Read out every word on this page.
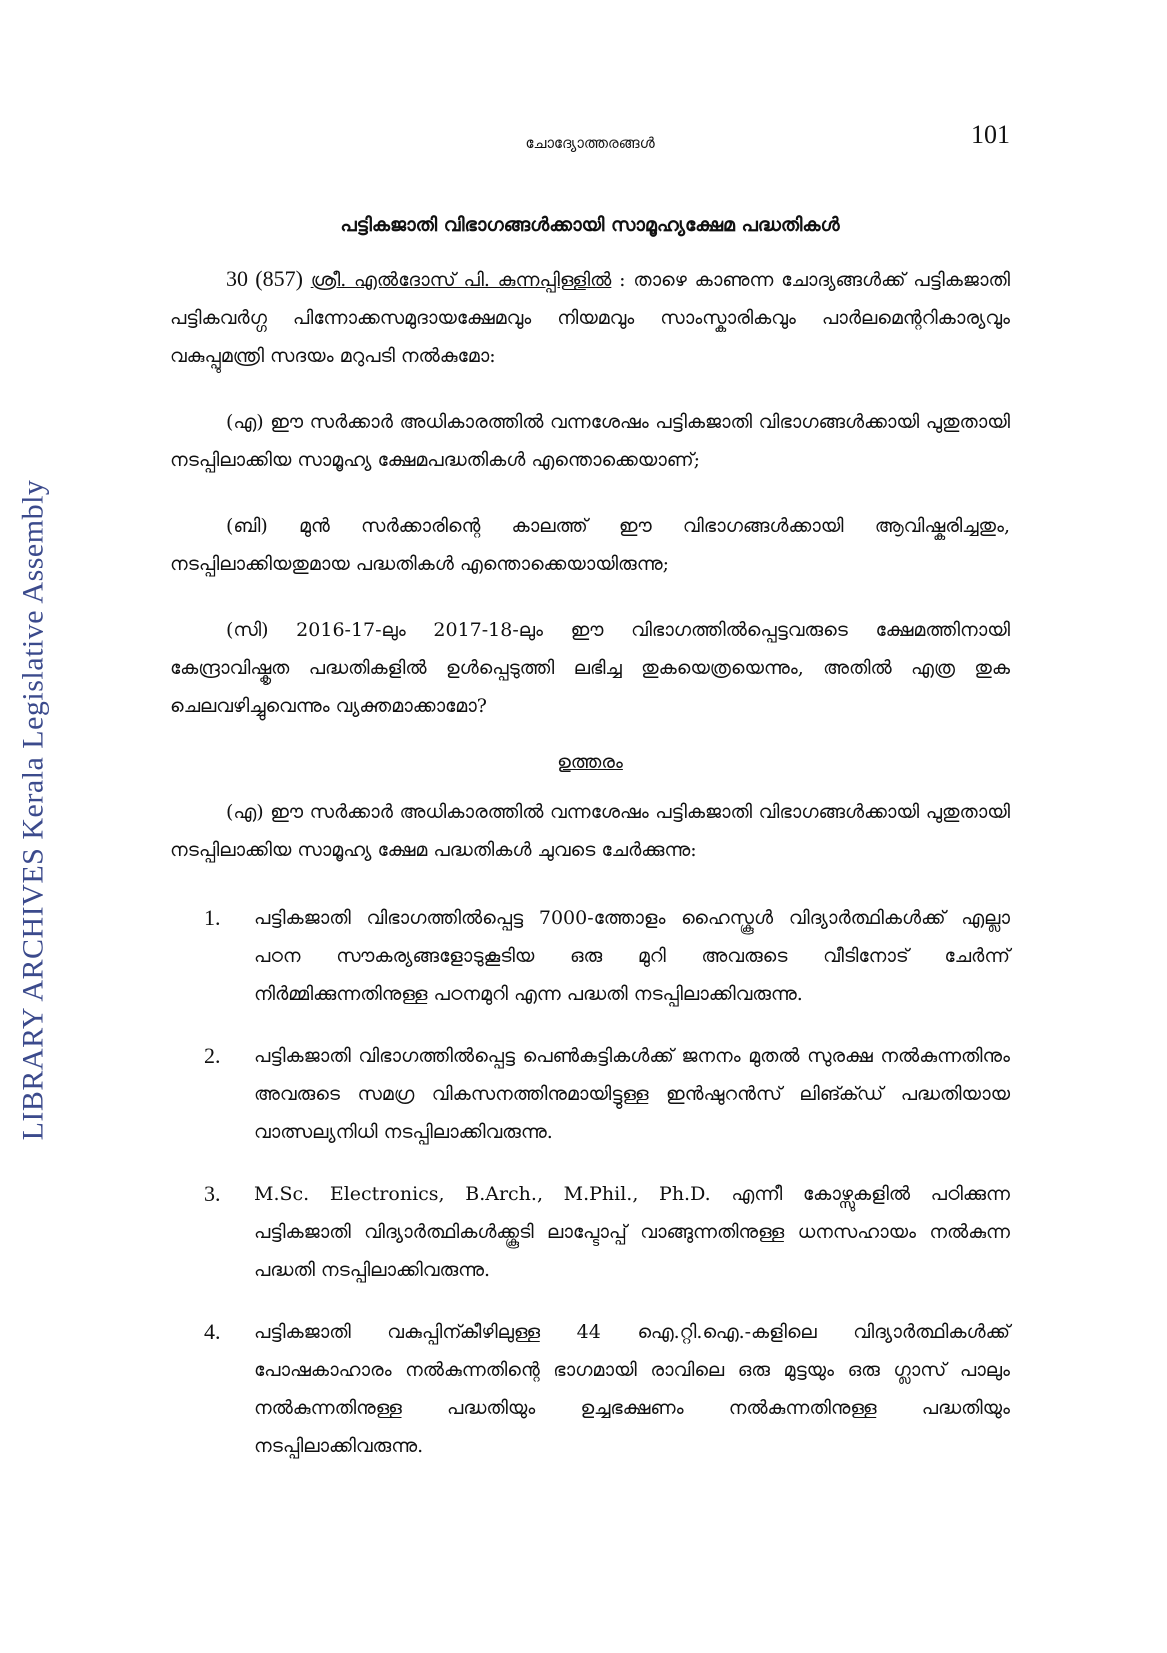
LIBRARY ARCHIVES Kerala Legislative Assembly
ചോദ്യോത്തരങ്ങൾ	101
പട്ടികജാതി വിഭാഗങ്ങൾക്കായി സാമൂഹ്യക്ഷേമ പദ്ധതികൾ

30 (857) ശ്രീ. എൽദോസ് പി. കുന്നപ്പിള്ളിൽ : താഴെ കാണുന്ന ചോദ്യങ്ങൾക്ക് പട്ടികജാതി പട്ടികവർഗ്ഗ പിന്നോക്കസമുദായക്ഷേമവും നിയമവും സാംസ്കാരികവും പാർലമെന്ററികാര്യവും വകുപ്പുമന്ത്രി സദയം മറുപടി നൽകുമോ:

(എ) ഈ സർക്കാർ അധികാരത്തിൽ വന്നശേഷം പട്ടികജാതി വിഭാഗങ്ങൾക്കായി പുതുതായി നടപ്പിലാക്കിയ സാമൂഹ്യ ക്ഷേമപദ്ധതികൾ എന്തൊക്കെയാണ്;

(ബി) മുൻ സർക്കാരിന്റെ കാലത്ത് ഈ വിഭാഗങ്ങൾക്കായി ആവിഷ്കരിച്ചതും, നടപ്പിലാക്കിയതുമായ പദ്ധതികൾ എന്തൊക്കെയായിരുന്നു;

(സി) 2016-17-ലും 2017-18-ലും ഈ വിഭാഗത്തിൽപ്പെട്ടവരുടെ ക്ഷേമത്തിനായി കേന്ദ്രാവിഷ്കൃത പദ്ധതികളിൽ ഉൾപ്പെടുത്തി ലഭിച്ച തുകയെത്രയെന്നും, അതിൽ എത്ര തുക ചെലവഴിച്ചുവെന്നും വ്യക്തമാക്കാമോ?

ഉത്തരം

(എ) ഈ സർക്കാർ അധികാരത്തിൽ വന്നശേഷം പട്ടികജാതി വിഭാഗങ്ങൾക്കായി പുതുതായി നടപ്പിലാക്കിയ സാമൂഹ്യ ക്ഷേമ പദ്ധതികൾ ചുവടെ ചേർക്കുന്നു:

1. പട്ടികജാതി വിഭാഗത്തിൽപ്പെട്ട 7000-ത്തോളം ഹൈസ്കൂൾ വിദ്യാർത്ഥികൾക്ക് എല്ലാ പഠന സൗകര്യങ്ങളോടുകൂടിയ ഒരു മുറി അവരുടെ വീടിനോട് ചേർന്ന് നിർമ്മിക്കുന്നതിനുള്ള പഠനമുറി എന്ന പദ്ധതി നടപ്പിലാക്കിവരുന്നു.

2. പട്ടികജാതി വിഭാഗത്തിൽപ്പെട്ട പെൺകുട്ടികൾക്ക് ജനനം മുതൽ സുരക്ഷ നൽകുന്നതിനും അവരുടെ സമഗ്ര വികസനത്തിനുമായിട്ടുള്ള ഇൻഷുറൻസ് ലിങ്ക്ഡ് പദ്ധതിയായ വാത്സല്യനിധി നടപ്പിലാക്കിവരുന്നു.

3. M.Sc. Electronics, B.Arch., M.Phil., Ph.D. എന്നീ കോഴ്സുകളിൽ പഠിക്കുന്ന പട്ടികജാതി വിദ്യാർത്ഥികൾക്ക്കൂടി ലാപ്ടോപ്പ് വാങ്ങുന്നതിനുള്ള ധനസഹായം നൽകുന്ന പദ്ധതി നടപ്പിലാക്കിവരുന്നു.

4. പട്ടികജാതി വകുപ്പിന്കീഴിലുള്ള 44 ഐ.റ്റി.ഐ.-കളിലെ വിദ്യാർത്ഥികൾക്ക് പോഷകാഹാരം നൽകുന്നതിന്റെ ഭാഗമായി രാവിലെ ഒരു മുട്ടയും ഒരു ഗ്ലാസ് പാലും നൽകുന്നതിനുള്ള പദ്ധതിയും ഉച്ചഭക്ഷണം നൽകുന്നതിനുള്ള പദ്ധതിയും നടപ്പിലാക്കിവരുന്നു.
